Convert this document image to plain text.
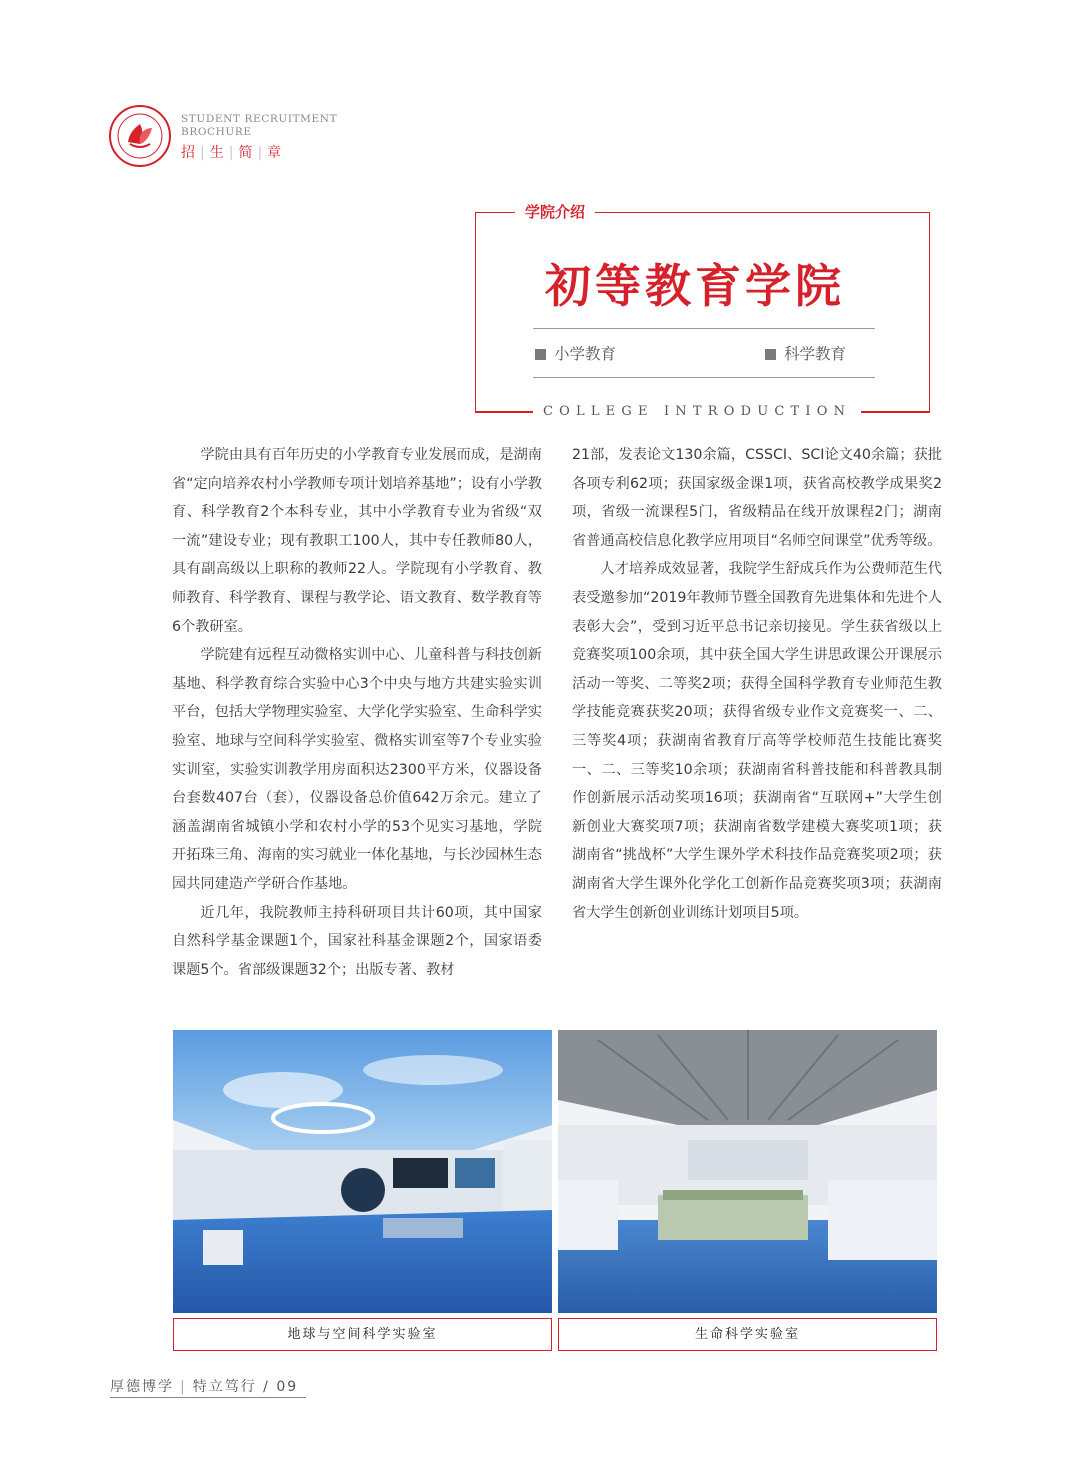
STUDENT RECRUITMENT
BROCHURE
招 | 生 | 简 | 章
学院介绍
初等教育学院
小学教育	科学教育
COLLEGE INTRODUCTION

学院由具有百年历史的小学教育专业发展而成，是湖南省“定向培养农村小学教师专项计划培养基地”；设有小学教育、科学教育2个本科专业，其中小学教育专业为省级“双一流”建设专业；现有教职工100人，其中专任教师80人，具有副高级以上职称的教师22人。学院现有小学教育、教师教育、科学教育、课程与教学论、语文教育、数学教育等6个教研室。

学院建有远程互动微格实训中心、儿童科普与科技创新基地、科学教育综合实验中心3个中央与地方共建实验实训平台，包括大学物理实验室、大学化学实验室、生命科学实验室、地球与空间科学实验室、微格实训室等7个专业实验实训室，实验实训教学用房面积达2300平方米，仪器设备台套数407台（套），仪器设备总价值642万余元。建立了涵盖湖南省城镇小学和农村小学的53个见实习基地，学院开拓珠三角、海南的实习就业一体化基地，与长沙园林生态园共同建造产学研合作基地。

近几年，我院教师主持科研项目共计60项，其中国家自然科学基金课题1个，国家社科基金课题2个，国家语委课题5个。省部级课题32个；出版专著、教材

21部，发表论文130余篇，CSSCI、SCI论文40余篇；获批各项专利62项；获国家级金课1项，获省高校教学成果奖2项，省级一流课程5门，省级精品在线开放课程2门；湖南省普通高校信息化教学应用项目“名师空间课堂”优秀等级。

人才培养成效显著，我院学生舒成兵作为公费师范生代表受邀参加“2019年教师节暨全国教育先进集体和先进个人表彰大会”，受到习近平总书记亲切接见。学生获省级以上竞赛奖项100余项，其中获全国大学生讲思政课公开课展示活动一等奖、二等奖2项；获得全国科学教育专业师范生教学技能竞赛获奖20项；获得省级专业作文竞赛奖一、二、三等奖4项；获湖南省教育厅高等学校师范生技能比赛奖一、二、三等奖10余项；获湖南省科普技能和科普教具制作创新展示活动奖项16项；获湖南省“互联网+”大学生创新创业大赛奖项7项；获湖南省数学建模大赛奖项1项；获湖南省“挑战杯”大学生课外学术科技作品竞赛奖项2项；获湖南省大学生课外化学化工创新作品竞赛奖项3项；获湖南省大学生创新创业训练计划项目5项。

地球与空间科学实验室	生命科学实验室
厚德博学 | 特立笃行 / 09
